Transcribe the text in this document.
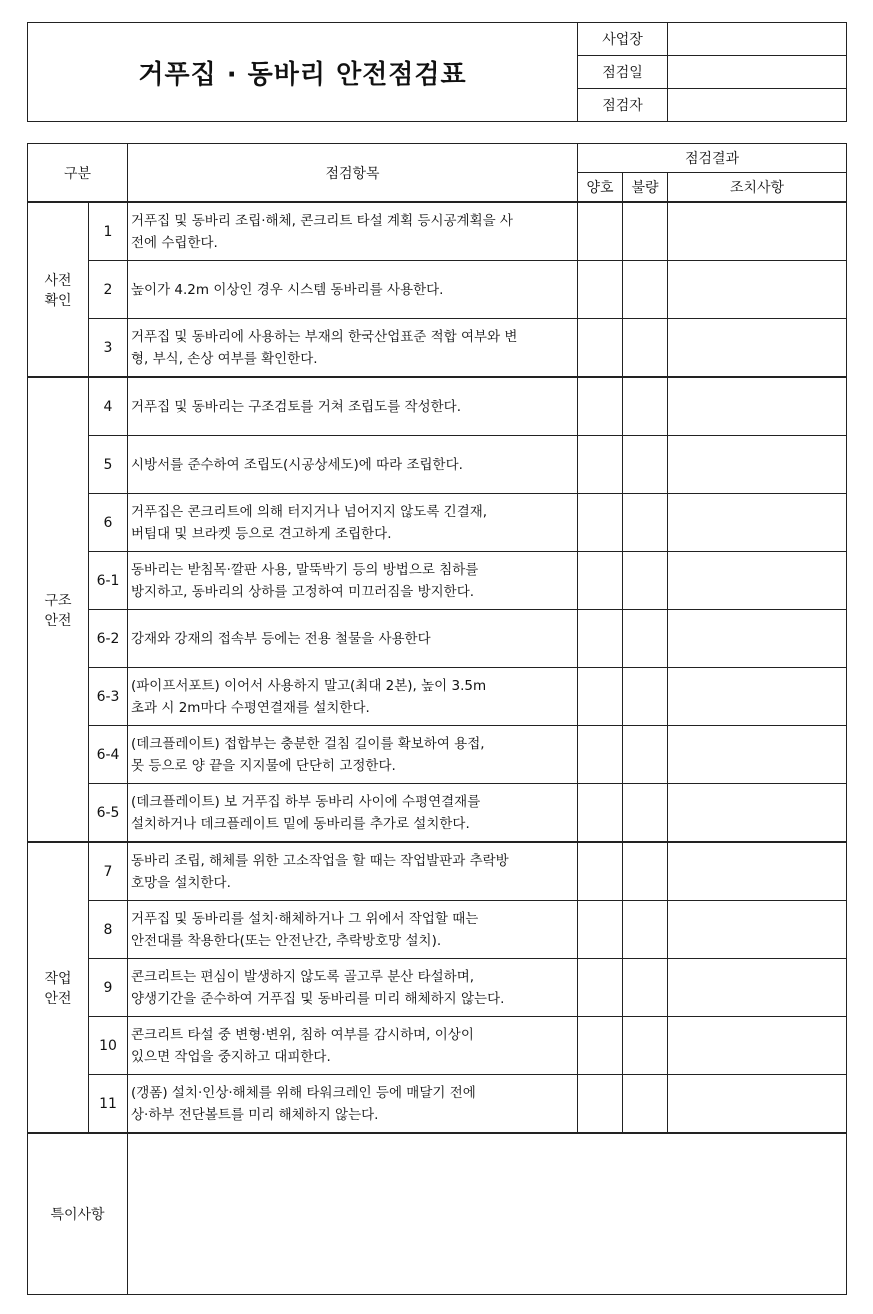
거푸집 · 동바리 안전점검표	사업장	
	점검일	
	점검자	
구분		점검항목	점검결과		
			양호	불량	조치사항
사전
확인	1	거푸집 및 동바리 조립·해체, 콘크리트 타설 계획 등시공계획을 사
전에 수립한다.			
	2	높이가 4.2m 이상인 경우 시스템 동바리를 사용한다.			
	3	거푸집 및 동바리에 사용하는 부재의 한국산업표준 적합 여부와 변
형, 부식, 손상 여부를 확인한다.			
구조
안전	4	거푸집 및 동바리는 구조검토를 거쳐 조립도를 작성한다.			
	5	시방서를 준수하여 조립도(시공상세도)에 따라 조립한다.			
	6	거푸집은 콘크리트에 의해 터지거나 넘어지지 않도록 긴결재,
버팀대 및 브라켓 등으로 견고하게 조립한다.			
	6-1	동바리는 받침목·깔판 사용, 말뚝박기 등의 방법으로 침하를
방지하고, 동바리의 상하를 고정하여 미끄러짐을 방지한다.			
	6-2	강재와 강재의 접속부 등에는 전용 철물을 사용한다			
	6-3	(파이프서포트) 이어서 사용하지 말고(최대 2본), 높이 3.5m
초과 시 2m마다 수평연결재를 설치한다.			
	6-4	(데크플레이트) 접합부는 충분한 걸침 길이를 확보하여 용접,
못 등으로 양 끝을 지지물에 단단히 고정한다.			
	6-5	(데크플레이트) 보 거푸집 하부 동바리 사이에 수평연결재를
설치하거나 데크플레이트 밑에 동바리를 추가로 설치한다.			
작업
안전	7	동바리 조립, 해체를 위한 고소작업을 할 때는 작업발판과 추락방
호망을 설치한다.			
	8	거푸집 및 동바리를 설치·해체하거나 그 위에서 작업할 때는
안전대를 착용한다(또는 안전난간, 추락방호망 설치).			
	9	콘크리트는 편심이 발생하지 않도록 골고루 분산 타설하며,
양생기간을 준수하여 거푸집 및 동바리를 미리 해체하지 않는다.			
	10	콘크리트 타설 중 변형·변위, 침하 여부를 감시하며, 이상이
있으면 작업을 중지하고 대피한다.			
	11	(갱폼) 설치·인상·해체를 위해 타워크레인 등에 매달기 전에
상·하부 전단볼트를 미리 해체하지 않는다.			
특이사항					
